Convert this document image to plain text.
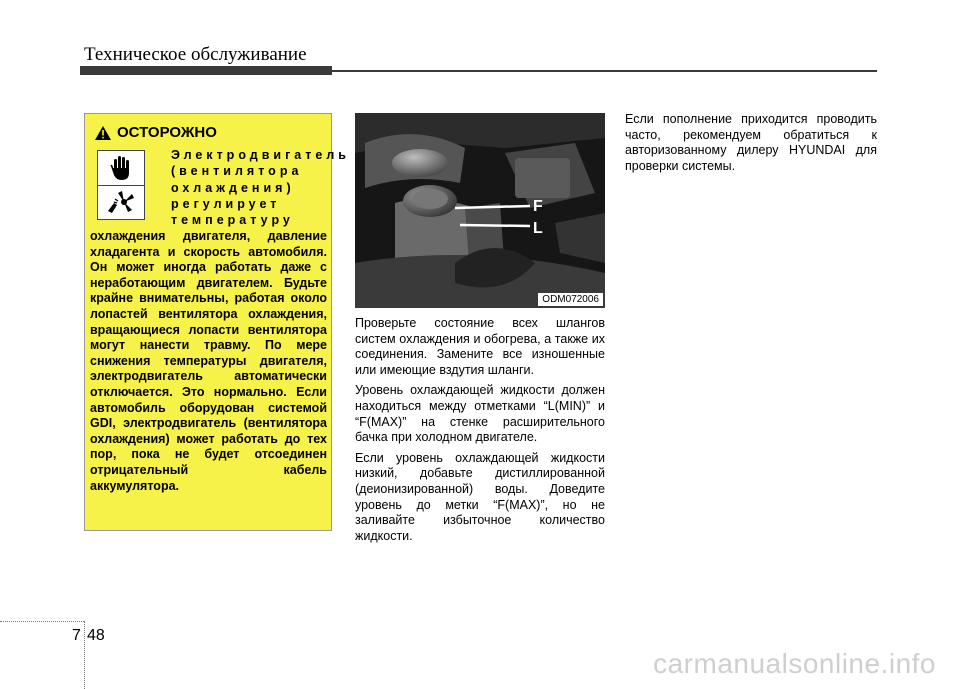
Техническое обслуживание
ОСТОРОЖНО
Электродвигатель
(вентилятора
охлаждения)
регулирует
температуру
охлаждения двигателя, давление хладагента и скорость автомобиля. Он может иногда работать даже с неработающим двигателем. Будьте крайне внимательны, работая около лопастей вентилятора охлаждения, вращающиеся лопасти вентилятора могут нанести травму. По мере снижения температуры двигателя, электродвигатель автоматически отключается. Это нормально. Если автомобиль оборудован системой GDI, электродвигатель (вентилятора охлаждения) может работать до тех пор, пока не будет отсоединен отрицательный кабель аккумулятора.
F
L
ODM072006

Проверьте состояние всех шлангов систем охлаждения и обогрева, а также их соединения. Замените все изношенные или имеющие вздутия шланги.

Уровень охлаждающей жидкости должен находиться между отметками “L(MIN)” и “F(MAX)” на стенке расширительного бачка при холодном двигателе.

Если уровень охлаждающей жидкости низкий, добавьте дистиллированной (деионизированной) воды. Доведите уровень до метки “F(MAX)”, но не заливайте избыточное количество жидкости.

Если пополнение приходится проводить часто, рекомендуем обратиться к авторизованному дилеру HYUNDAI для проверки системы.

7 48
carmanualsonline.info
